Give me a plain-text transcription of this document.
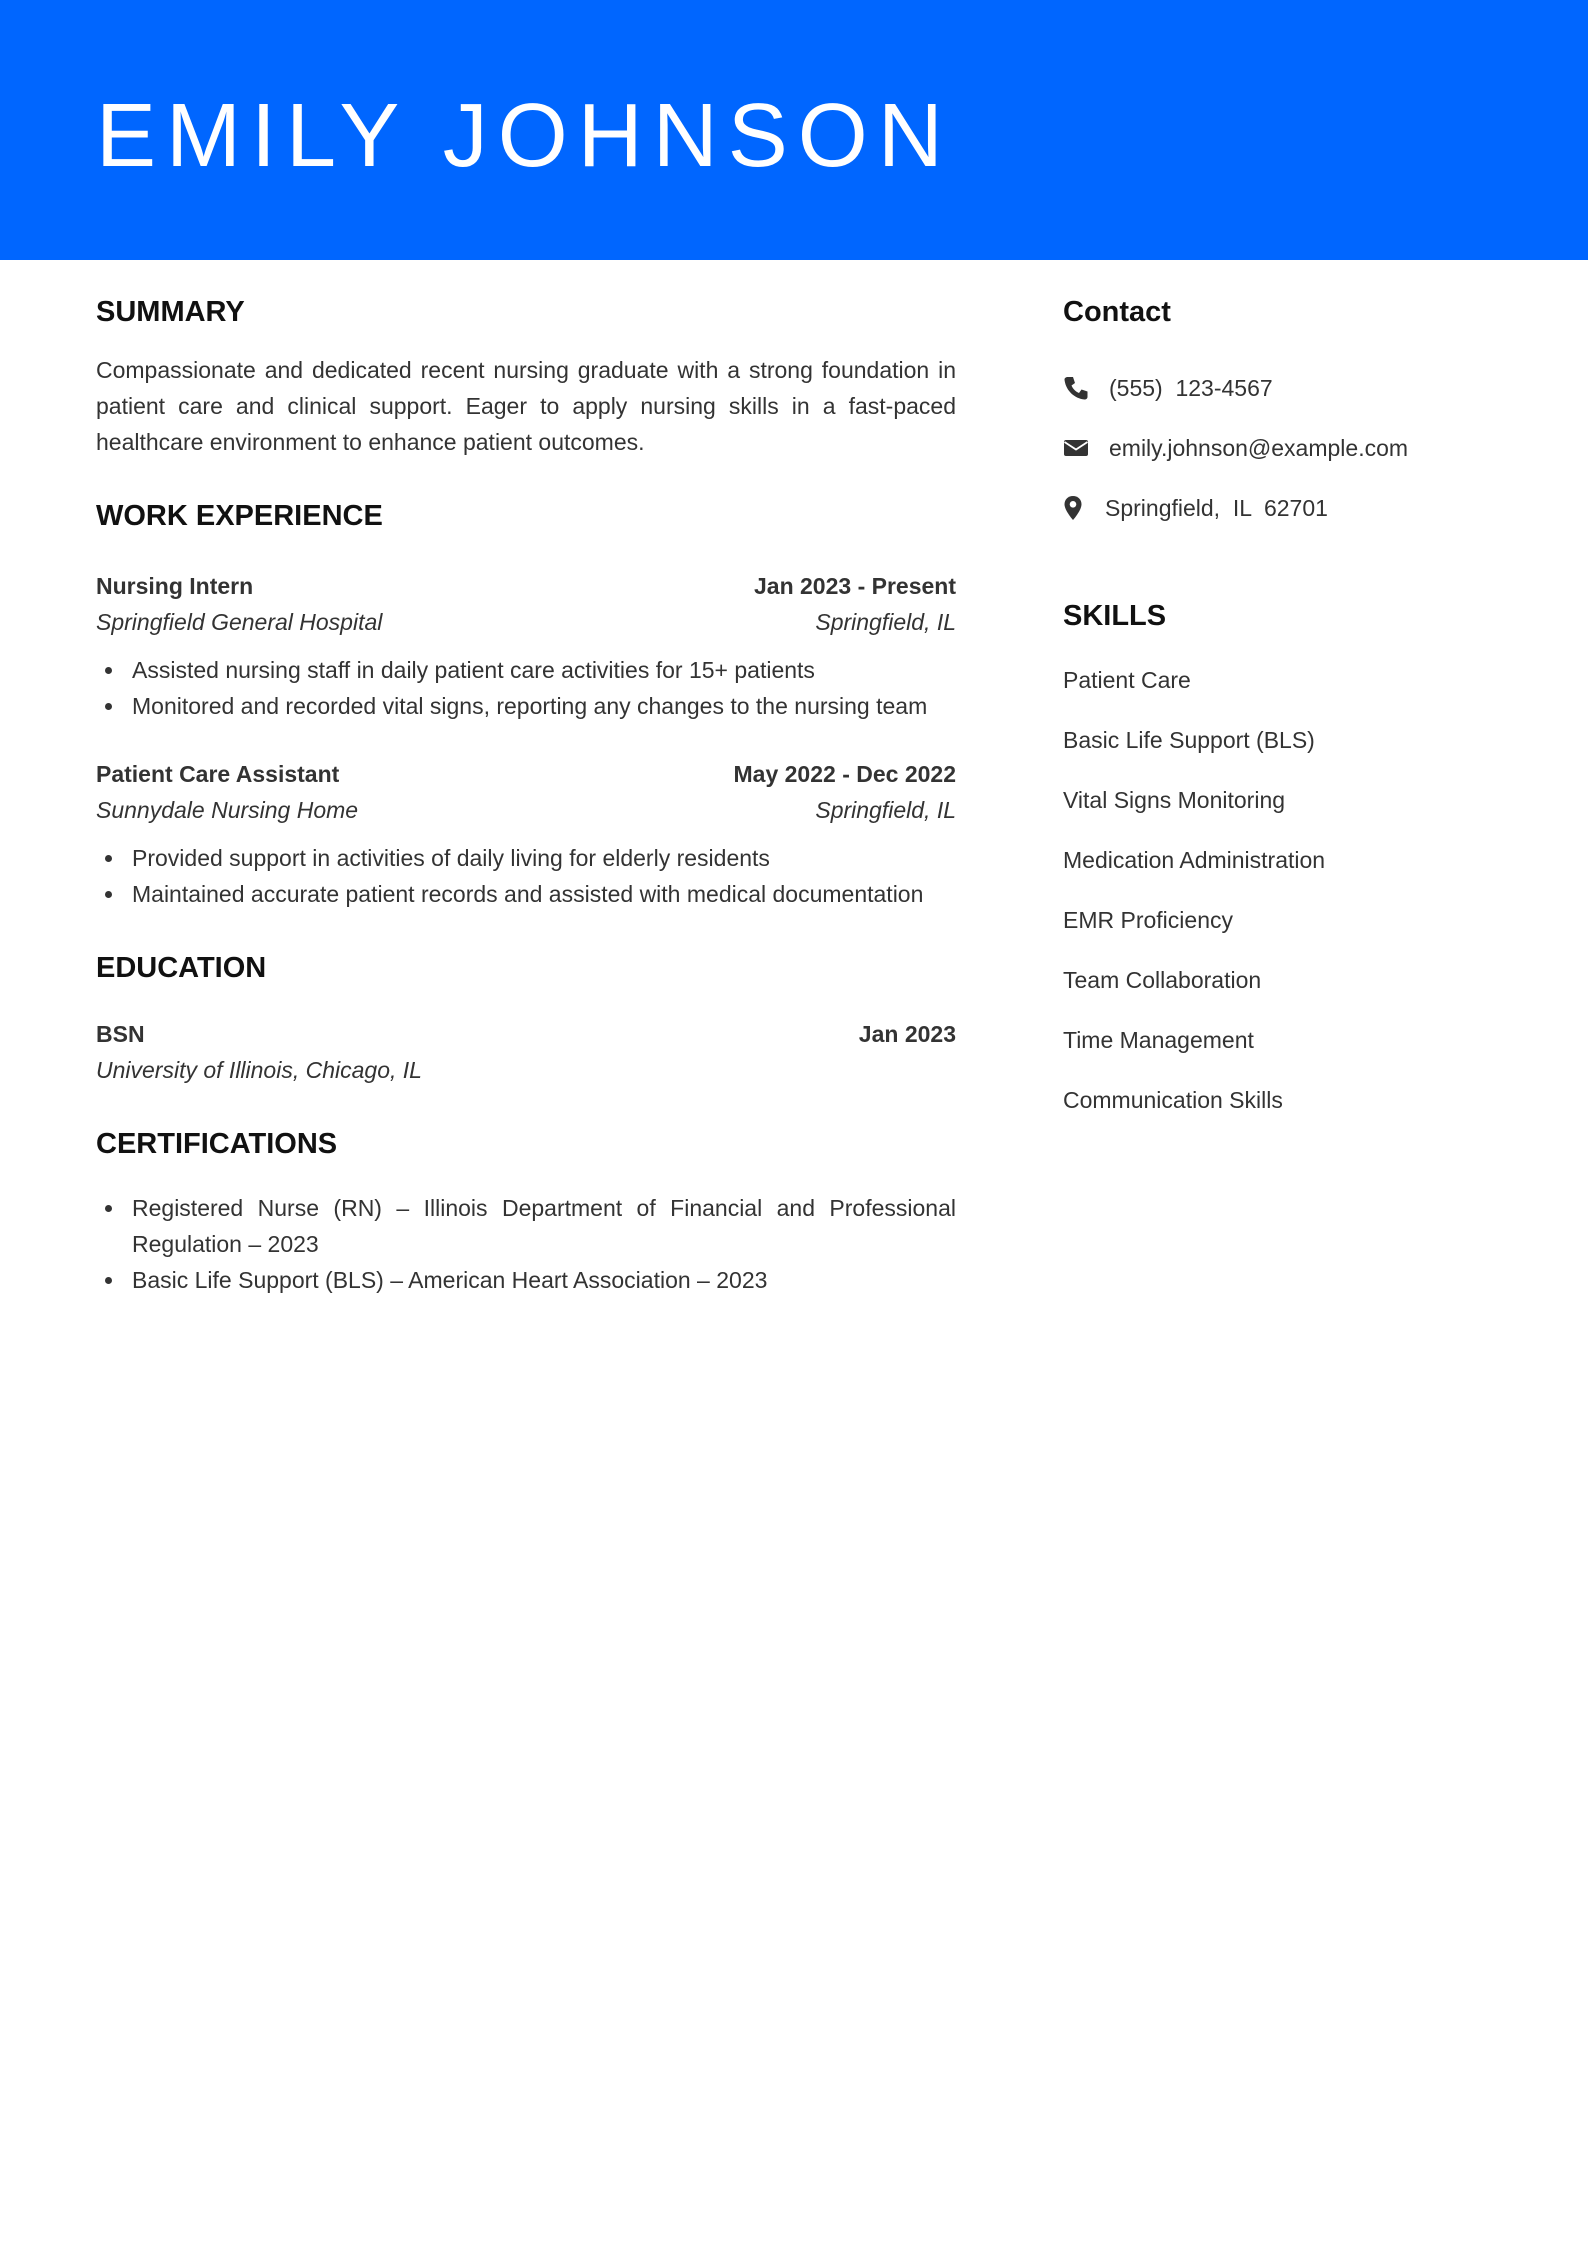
EMILY JOHNSON
SUMMARY

Compassionate and dedicated recent nursing graduate with a strong foundation in patient care and clinical support. Eager to apply nursing skills in a fast-paced healthcare environment to enhance patient outcomes.

WORK EXPERIENCE
Nursing Intern	Jan 2023 - Present
Springfield General Hospital	Springfield, IL
Assisted nursing staff in daily patient care activities for 15+ patients
Monitored and recorded vital signs, reporting any changes to the nursing team
Patient Care Assistant	May 2022 - Dec 2022
Sunnydale Nursing Home	Springfield, IL
Provided support in activities of daily living for elderly residents
Maintained accurate patient records and assisted with medical documentation
EDUCATION
BSN	Jan 2023
University of Illinois, Chicago, IL
CERTIFICATIONS
Registered Nurse (RN) – Illinois Department of Financial and Professional Regulation – 2023
Basic Life Support (BLS) – American Heart Association – 2023
Contact
(555)  123-4567
emily.johnson@example.com
Springfield,  IL  62701
SKILLS
Patient Care
Basic Life Support (BLS)
Vital Signs Monitoring
Medication Administration
EMR Proficiency
Team Collaboration
Time Management
Communication Skills
